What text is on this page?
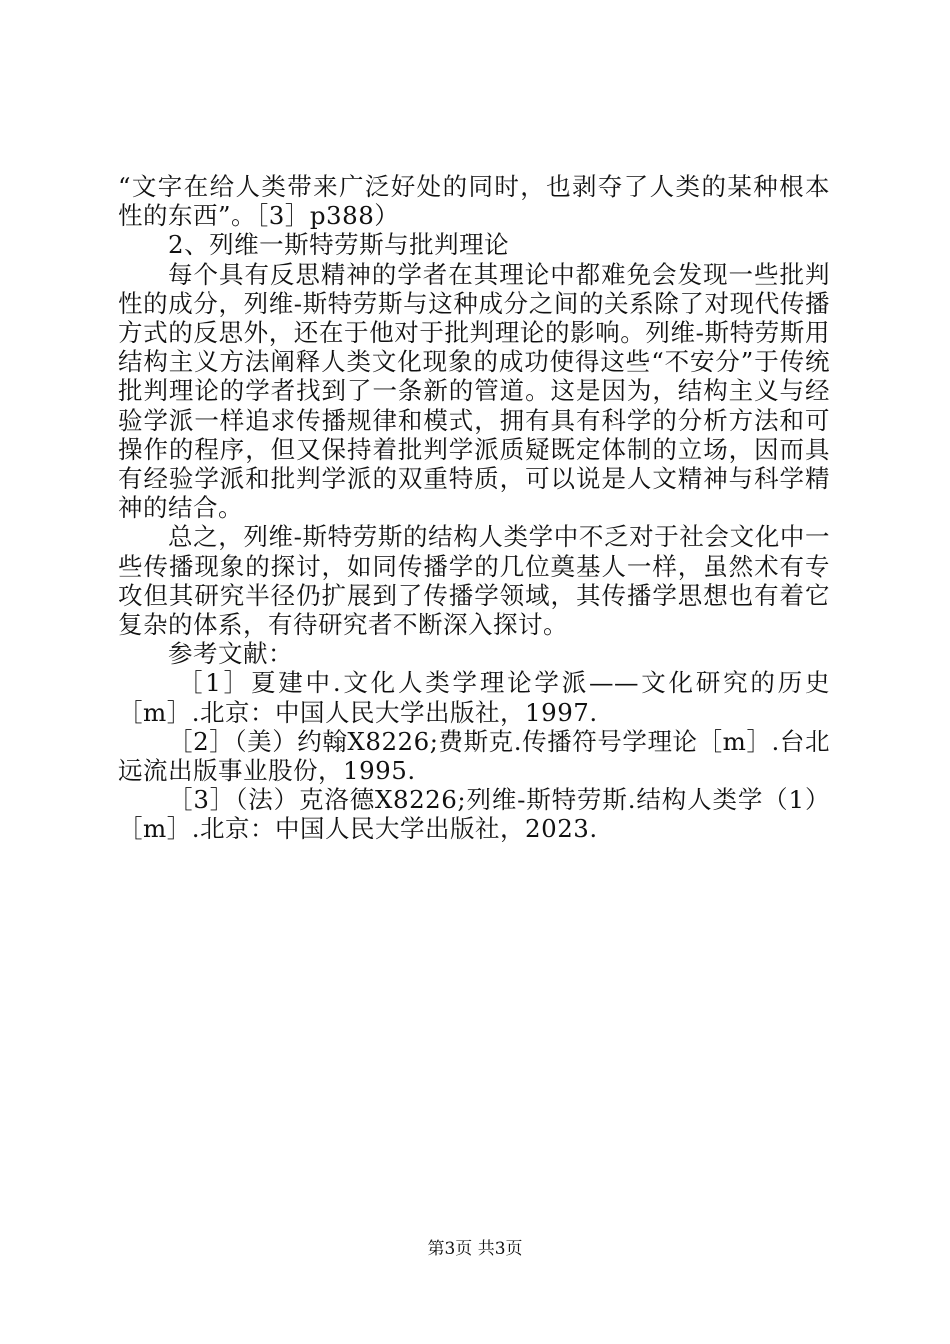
“文字在给人类带来广泛好处的同时，也剥夺了人类的某种根本性的东西”。［3］p388）

2、列维一斯特劳斯与批判理论

每个具有反思精神的学者在其理论中都难免会发现一些批判性的成分，列维-斯特劳斯与这种成分之间的关系除了对现代传播方式的反思外，还在于他对于批判理论的影响。列维-斯特劳斯用结构主义方法阐释人类文化现象的成功使得这些“不安分”于传统批判理论的学者找到了一条新的管道。这是因为，结构主义与经验学派一样追求传播规律和模式，拥有具有科学的分析方法和可操作的程序，但又保持着批判学派质疑既定体制的立场，因而具有经验学派和批判学派的双重特质，可以说是人文精神与科学精神的结合。

总之，列维-斯特劳斯的结构人类学中不乏对于社会文化中一些传播现象的探讨，如同传播学的几位奠基人一样，虽然术有专攻但其研究半径仍扩展到了传播学领域，其传播学思想也有着它复杂的体系，有待研究者不断深入探讨。

参考文献：

［1］夏建中.文化人类学理论学派——文化研究的历史［m］.北京：中国人民大学出版社，1997.

［2］（美）约翰X8226;费斯克.传播符号学理论［m］.台北远流出版事业股份，1995.

［3］（法）克洛德X8226;列维-斯特劳斯.结构人类学（1）［m］.北京：中国人民大学出版社，2023.

第3页 共3页
